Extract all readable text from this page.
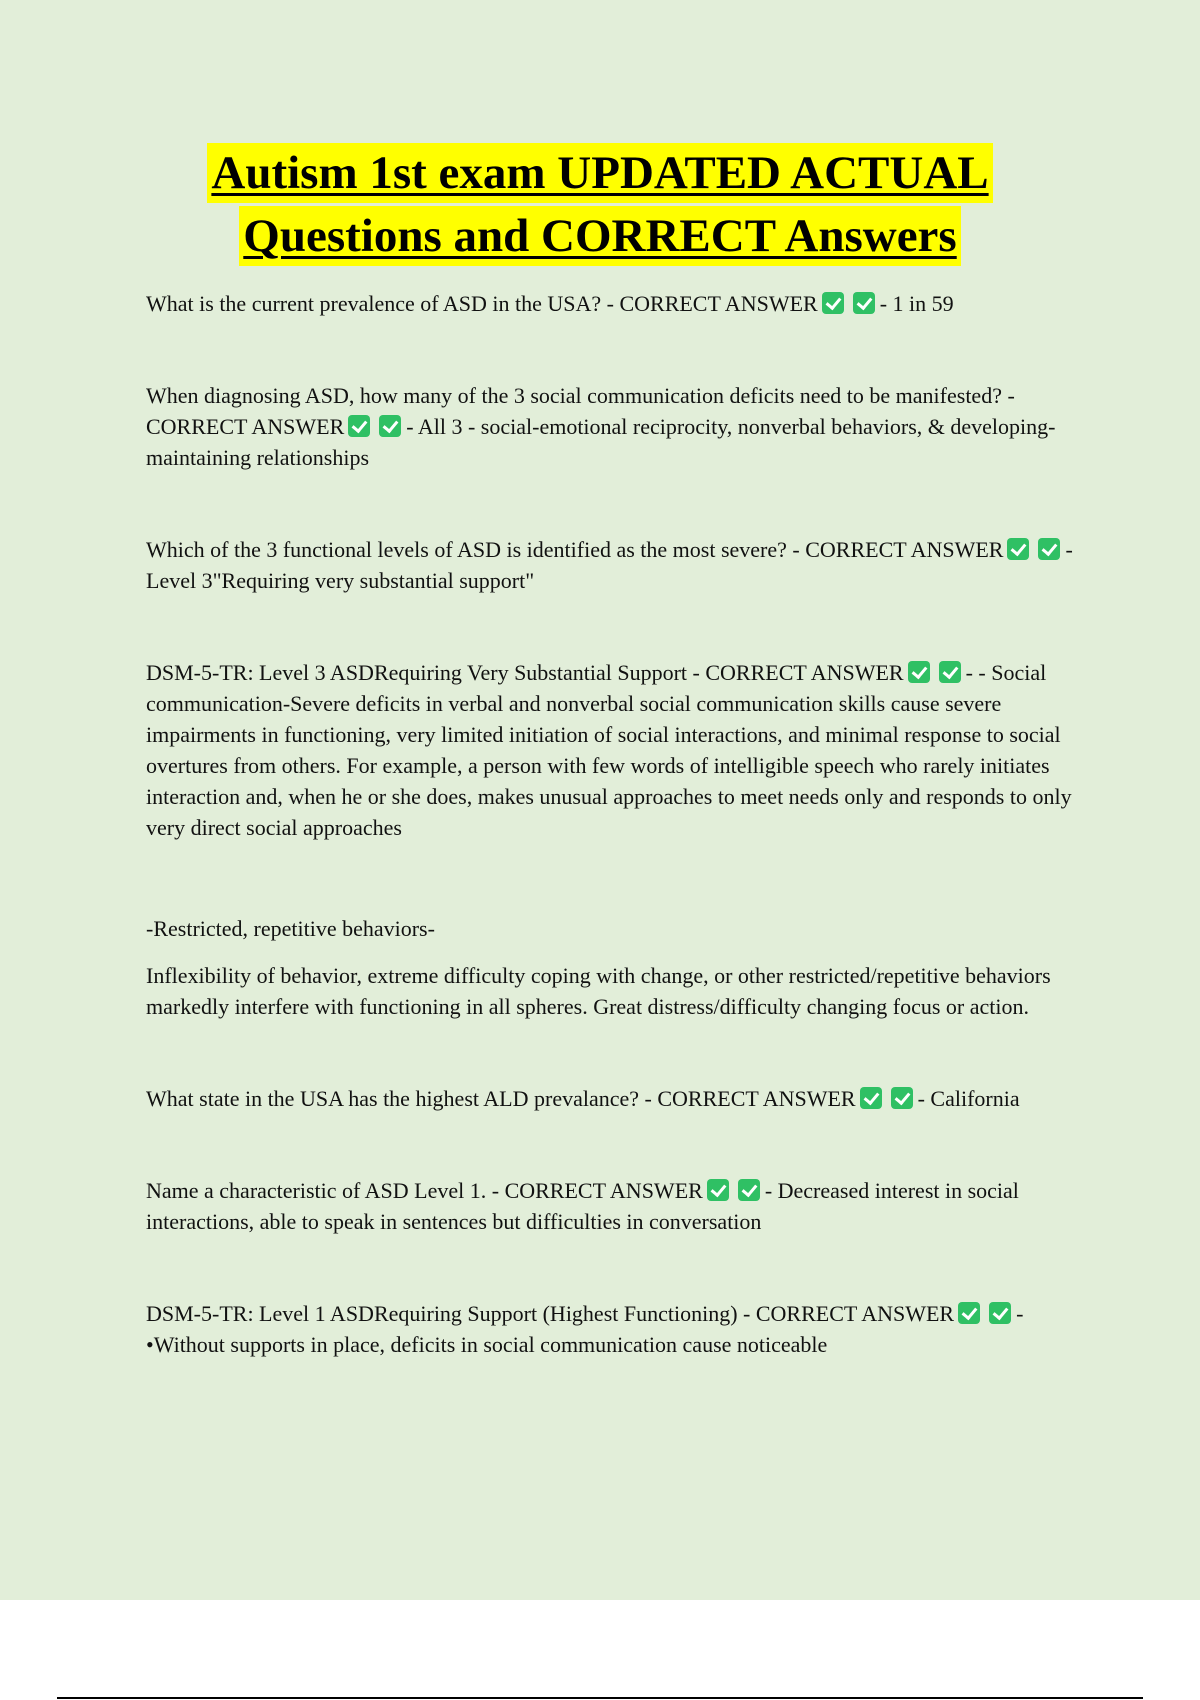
Autism 1st exam UPDATED ACTUAL
Questions and CORRECT Answers

What is the current prevalence of ASD in the USA? - CORRECT ANSWER	- 1 in 59

When diagnosing ASD, how many of the 3 social communication deficits need to be manifested? - CORRECT ANSWER	- All 3 - social-emotional reciprocity, nonverbal behaviors, & developing- maintaining relationships

Which of the 3 functional levels of ASD is identified as the most severe? - CORRECT ANSWER	- Level 3"Requiring very substantial support"

DSM-5-TR: Level 3 ASDRequiring Very Substantial Support - CORRECT ANSWER	- - Social communication-Severe deficits in verbal and nonverbal social communication skills cause severe impairments in functioning, very limited initiation of social interactions, and minimal response to social overtures from others. For example, a person with few words of intelligible speech who rarely initiates interaction and, when he or she does, makes unusual approaches to meet needs only and responds to only very direct social approaches

-Restricted, repetitive behaviors-

Inflexibility of behavior, extreme difficulty coping with change, or other restricted/repetitive behaviors markedly interfere with functioning in all spheres. Great distress/difficulty changing focus or action.

What state in the USA has the highest ALD prevalance? - CORRECT ANSWER	- California

Name a characteristic of ASD Level 1. - CORRECT ANSWER	- Decreased interest in social interactions, able to speak in sentences but difficulties in conversation

DSM-5-TR: Level 1 ASDRequiring Support (Highest Functioning) - CORRECT ANSWER	- •Without supports in place, deficits in social communication cause noticeable
